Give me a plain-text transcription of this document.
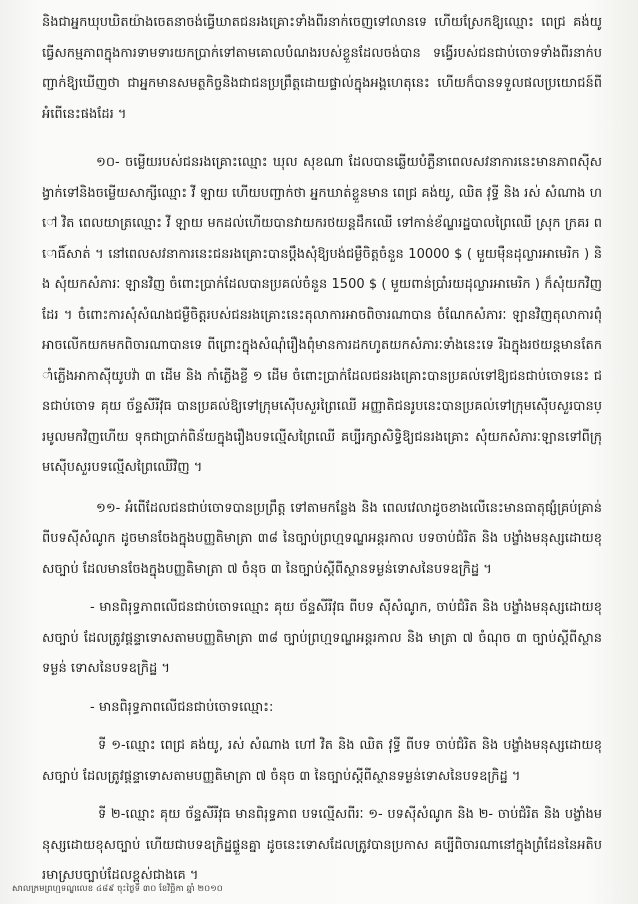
និងជាអ្នកឃុបឃិតយ៉ាងចេតនាចង់ធ្វើឃាតជនរងគ្រោះទាំងពីរនាក់ចេញទៅលានទេ ហើយស្រែកឱ្យឈ្មោះ ពេជ្រ គង់យូ ធ្វើសកម្មភាពក្នុងការទាមទារយកប្រាក់ទៅតាមគោលបំណងរបស់ខ្លួនដែលចង់បាន ទង្វើរបស់ជនជាប់ចោទទាំងពីរនាក់បញ្ជាក់ឱ្យឃើញថា ជាអ្នកមានសមត្ថកិច្ចនិងជាជនប្រព្រឹត្តដោយផ្ទាល់ក្នុងអង្គហេតុនេះ ហើយក៏បានទទួលផលប្រយោជន៍ពីអំពើនេះផងដែរ ។

១០- ចម្លើយរបស់ជនរងគ្រោះឈ្មោះ ឃុល សុខណា ដែលបានឆ្លើយបំភ្លឺនាពេលសវនាការនេះមានភាពស៊ីសង្វាក់ទៅនិងចម្លើយសាក្សីឈ្មោះ វី ឡាយ ហើយបញ្ជាក់ថា អ្នកឃាត់ខ្លួនមាន ពេជ្រ គង់យូ, ឈិត វុទ្ធី និង រស់ សំណាង ហៅ វិត ពេលយាត្រឈ្មោះ វី ឡាយ មកដល់ហើយបានវាយករថយន្តដឹកឈើ ទៅកាន់ខ័ណ្ឌរដ្ឋបាលព្រៃឈើ ស្រុក ក្រគរ ពោធិ៍សាត់ ។ នៅពេលសវនាការនេះជនរងគ្រោះបានប្តឹងសុំឱ្យបង់ជម្ងឺចិត្តចំនួន 10000 $ ( មួយម៉ឺនដុល្លារអាមេរិក ) និង សុំយកសំភារៈ ឡានវិញ ចំពោះប្រាក់ដែលបានប្រគល់ចំនួន 1500 $ ( មួយពាន់ប្រាំរយដុល្លារអាមេរិក ) ក៏សុំយកវិញដែរ ។ ចំពោះការសុំសំណងជម្ងឺចិត្តរបស់ជនរងគ្រោះនេះតុលាការអាចពិចារណាបាន ចំណែកសំភារៈ ឡានវិញតុលាការពុំអាចលើកយកមកពិចារណាបានទេ ពីព្រោះក្នុងសំណុំរឿងពុំមានការដកហូតយកសំភារៈទាំងនេះទេ រីឯក្នុងរថយន្តមានតែកាំភ្លើងអាកាស៊ីយូបវ៉ា ៣ ដើម និង កាំភ្លើងខ្លី ១ ដើម ចំពោះប្រាក់ដែលជនរងគ្រោះបានប្រគល់ទៅឱ្យជនជាប់ចោទនេះ ជនជាប់ចោទ គុយ ច័ន្ទសីរីវុធ បានប្រគល់ឱ្យទៅក្រុមស៊ើបសួរព្រៃឈើ អញ្ញាតិជនរូបនេះបានប្រគល់ទៅក្រុមស៊ើបសួរបានប្រមូលមកវិញហើយ ទុកជាប្រាក់ពិន័យក្នុងរឿងបទល្មើសព្រៃឈើ គប្បីរក្សាសិទ្ធិឱ្យជនរងគ្រោះ សុំយកសំភារៈឡានទៅពីក្រុមស៊ើបសួរបទល្មើសព្រៃឈើវិញ ។

១១- អំពើដែលជនជាប់ចោទបានប្រព្រឹត្ត ទៅតាមកន្លែង និង ពេលវេលាដូចខាងលើនេះមានធាតុផ្សំគ្រប់គ្រាន់ ពីបទស៊ីសំណូក ដូចមានចែងក្នុងបញ្ញតិមាត្រា ៣៨ នៃច្បាប់ព្រហ្មទណ្ឌអន្តរកាល បទចាប់ជំរិត និង បង្ខាំងមនុស្សដោយខុសច្បាប់ ដែលមានចែងក្នុងបញ្ញតិមាត្រា ៧ ចំនុច ៣ នៃច្បាប់ស្តីពីស្ថានទម្ងន់ទោសនៃបទឧក្រិដ្ឋ ។

- មានពិរុទ្ធភាពលើជនជាប់ចោទឈ្មោះ គុយ ច័ន្ទសីរីវុធ ពីបទ ស៊ីសំណូក, ចាប់ជំរិត និង បង្ខាំងមនុស្សដោយខុសច្បាប់ ដែលត្រូវផ្តន្ទាទោសតាមបញ្ញតិមាត្រា ៣៨ ច្បាប់ព្រហ្មទណ្ឌអន្តរកាល និង មាត្រា ៧ ចំណុច ៣ ច្បាប់ស្តីពីស្ថាន ទម្ងន់ ទោសនៃបទឧក្រិដ្ឋ ។

- មានពិរុទ្ធភាពលើជនជាប់ចោទឈ្មោះ:

ទី ១-ឈ្មោះ ពេជ្រ គង់យូ, រស់ សំណាង ហៅ វិត និង ឈិត វុទ្ធី ពីបទ ចាប់ជំរិត និង បង្ខាំងមនុស្សដោយខុសច្បាប់ ដែលត្រូវផ្តន្ទាទោសតាមបញ្ញតិមាត្រា ៧ ចំនុច ៣ នៃច្បាប់ស្តីពីស្ថានទម្ងន់ទោសនៃបទឧក្រិដ្ឋ ។

ទី ២-ឈ្មោះ គុយ ច័ន្ទសីរីវុធ មានពិរុទ្ធភាព បទល្មើសពីរៈ ១- បទស៊ីសំណូក និង ២- ចាប់ជំរិត និង បង្ខាំងមនុស្សដោយខុសច្បាប់ ហើយជាបទឧក្រិដ្ឋផ្ទួនគ្នា ដូចនេះទោសដែលត្រូវបានប្រកាស គប្បីពិចារណានៅក្នុងព្រំដែននៃអតិបរមាស្របច្បាប់ដែលខ្ពស់ជាងគេ ។

សាលក្រមព្រហ្មទណ្ឌលេខ ៤៨៩ ចុះថ្ងៃទី ៣០ ខែវិច្ឆិកា ឆ្នាំ ២០១០
